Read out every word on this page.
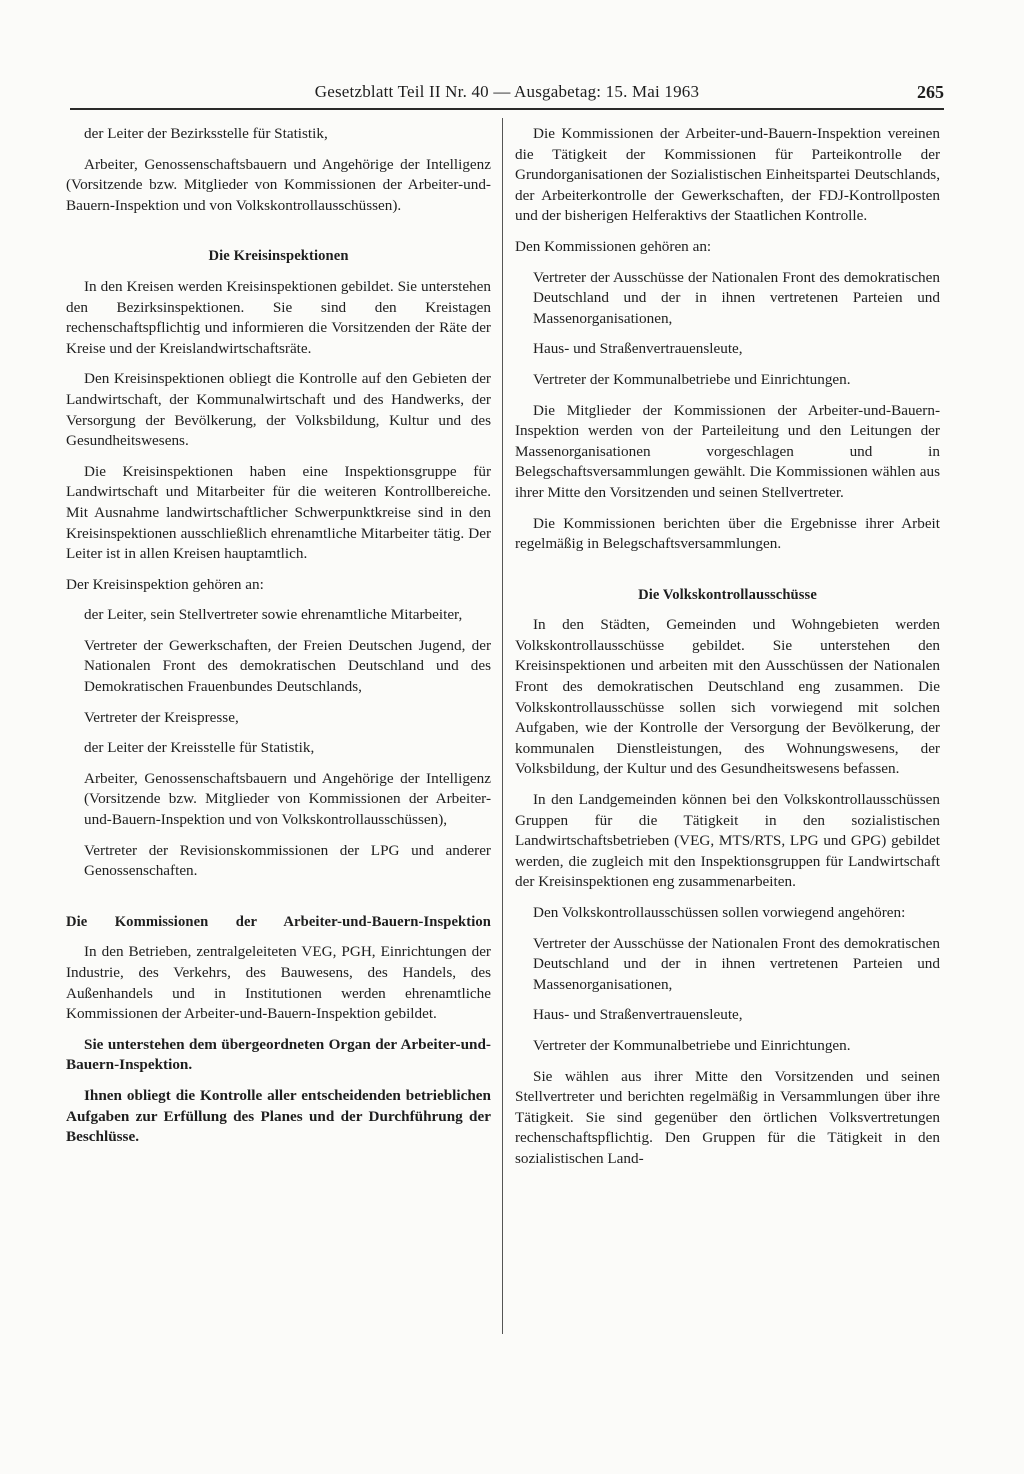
Gesetzblatt Teil II Nr. 40 — Ausgabetag: 15. Mai 1963	265

der Leiter der Bezirksstelle für Statistik,

Arbeiter, Genossenschaftsbauern und Angehörige der Intelligenz (Vorsitzende bzw. Mitglieder von Kommissionen der Arbeiter-und-Bauern-Inspektion und von Volkskontrollausschüssen).

Die Kreisinspektionen

In den Kreisen werden Kreisinspektionen gebildet. Sie unterstehen den Bezirksinspektionen. Sie sind den Kreistagen rechenschaftspflichtig und informieren die Vorsitzenden der Räte der Kreise und der Kreislandwirtschaftsräte.

Den Kreisinspektionen obliegt die Kontrolle auf den Gebieten der Landwirtschaft, der Kommunalwirtschaft und des Handwerks, der Versorgung der Bevölkerung, der Volksbildung, Kultur und des Gesundheitswesens.

Die Kreisinspektionen haben eine Inspektionsgruppe für Landwirtschaft und Mitarbeiter für die weiteren Kontrollbereiche. Mit Ausnahme landwirtschaftlicher Schwerpunktkreise sind in den Kreisinspektionen ausschließlich ehrenamtliche Mitarbeiter tätig. Der Leiter ist in allen Kreisen hauptamtlich.

Der Kreisinspektion gehören an:

der Leiter, sein Stellvertreter sowie ehrenamtliche Mitarbeiter,

Vertreter der Gewerkschaften, der Freien Deutschen Jugend, der Nationalen Front des demokratischen Deutschland und des Demokratischen Frauenbundes Deutschlands,

Vertreter der Kreispresse,

der Leiter der Kreisstelle für Statistik,

Arbeiter, Genossenschaftsbauern und Angehörige der Intelligenz (Vorsitzende bzw. Mitglieder von Kommissionen der Arbeiter-und-Bauern-Inspektion und von Volkskontrollausschüssen),

Vertreter der Revisionskommissionen der LPG und anderer Genossenschaften.

Die Kommissionen der Arbeiter-und-Bauern-Inspektion

In den Betrieben, zentralgeleiteten VEG, PGH, Einrichtungen der Industrie, des Verkehrs, des Bauwesens, des Handels, des Außenhandels und in Institutionen werden ehrenamtliche Kommissionen der Arbeiter-und-Bauern-Inspektion gebildet.

Sie unterstehen dem übergeordneten Organ der Arbeiter-und-Bauern-Inspektion.

Ihnen obliegt die Kontrolle aller entscheidenden betrieblichen Aufgaben zur Erfüllung des Planes und der Durchführung der Beschlüsse.

Die Kommissionen der Arbeiter-und-Bauern-Inspektion vereinen die Tätigkeit der Kommissionen für Parteikontrolle der Grundorganisationen der Sozialistischen Einheitspartei Deutschlands, der Arbeiterkontrolle der Gewerkschaften, der FDJ-Kontrollposten und der bisherigen Helferaktivs der Staatlichen Kontrolle.

Den Kommissionen gehören an:

Vertreter der Ausschüsse der Nationalen Front des demokratischen Deutschland und der in ihnen vertretenen Parteien und Massenorganisationen,

Haus- und Straßenvertrauensleute,

Vertreter der Kommunalbetriebe und Einrichtungen.

Die Mitglieder der Kommissionen der Arbeiter-und-Bauern-Inspektion werden von der Parteileitung und den Leitungen der Massenorganisationen vorgeschlagen und in Belegschaftsversammlungen gewählt. Die Kommissionen wählen aus ihrer Mitte den Vorsitzenden und seinen Stellvertreter.

Die Kommissionen berichten über die Ergebnisse ihrer Arbeit regelmäßig in Belegschaftsversammlungen.

Die Volkskontrollausschüsse

In den Städten, Gemeinden und Wohngebieten werden Volkskontrollausschüsse gebildet. Sie unterstehen den Kreisinspektionen und arbeiten mit den Ausschüssen der Nationalen Front des demokratischen Deutschland eng zusammen. Die Volkskontrollausschüsse sollen sich vorwiegend mit solchen Aufgaben, wie der Kontrolle der Versorgung der Bevölkerung, der kommunalen Dienstleistungen, des Wohnungswesens, der Volksbildung, der Kultur und des Gesundheitswesens befassen.

In den Landgemeinden können bei den Volkskontrollausschüssen Gruppen für die Tätigkeit in den sozialistischen Landwirtschaftsbetrieben (VEG, MTS/RTS, LPG und GPG) gebildet werden, die zugleich mit den Inspektionsgruppen für Landwirtschaft der Kreisinspektionen eng zusammenarbeiten.

Den Volkskontrollausschüssen sollen vorwiegend angehören:

Vertreter der Ausschüsse der Nationalen Front des demokratischen Deutschland und der in ihnen vertretenen Parteien und Massenorganisationen,

Haus- und Straßenvertrauensleute,

Vertreter der Kommunalbetriebe und Einrichtungen.

Sie wählen aus ihrer Mitte den Vorsitzenden und seinen Stellvertreter und berichten regelmäßig in Versammlungen über ihre Tätigkeit. Sie sind gegenüber den örtlichen Volksvertretungen rechenschaftspflichtig. Den Gruppen für die Tätigkeit in den sozialistischen Land-
